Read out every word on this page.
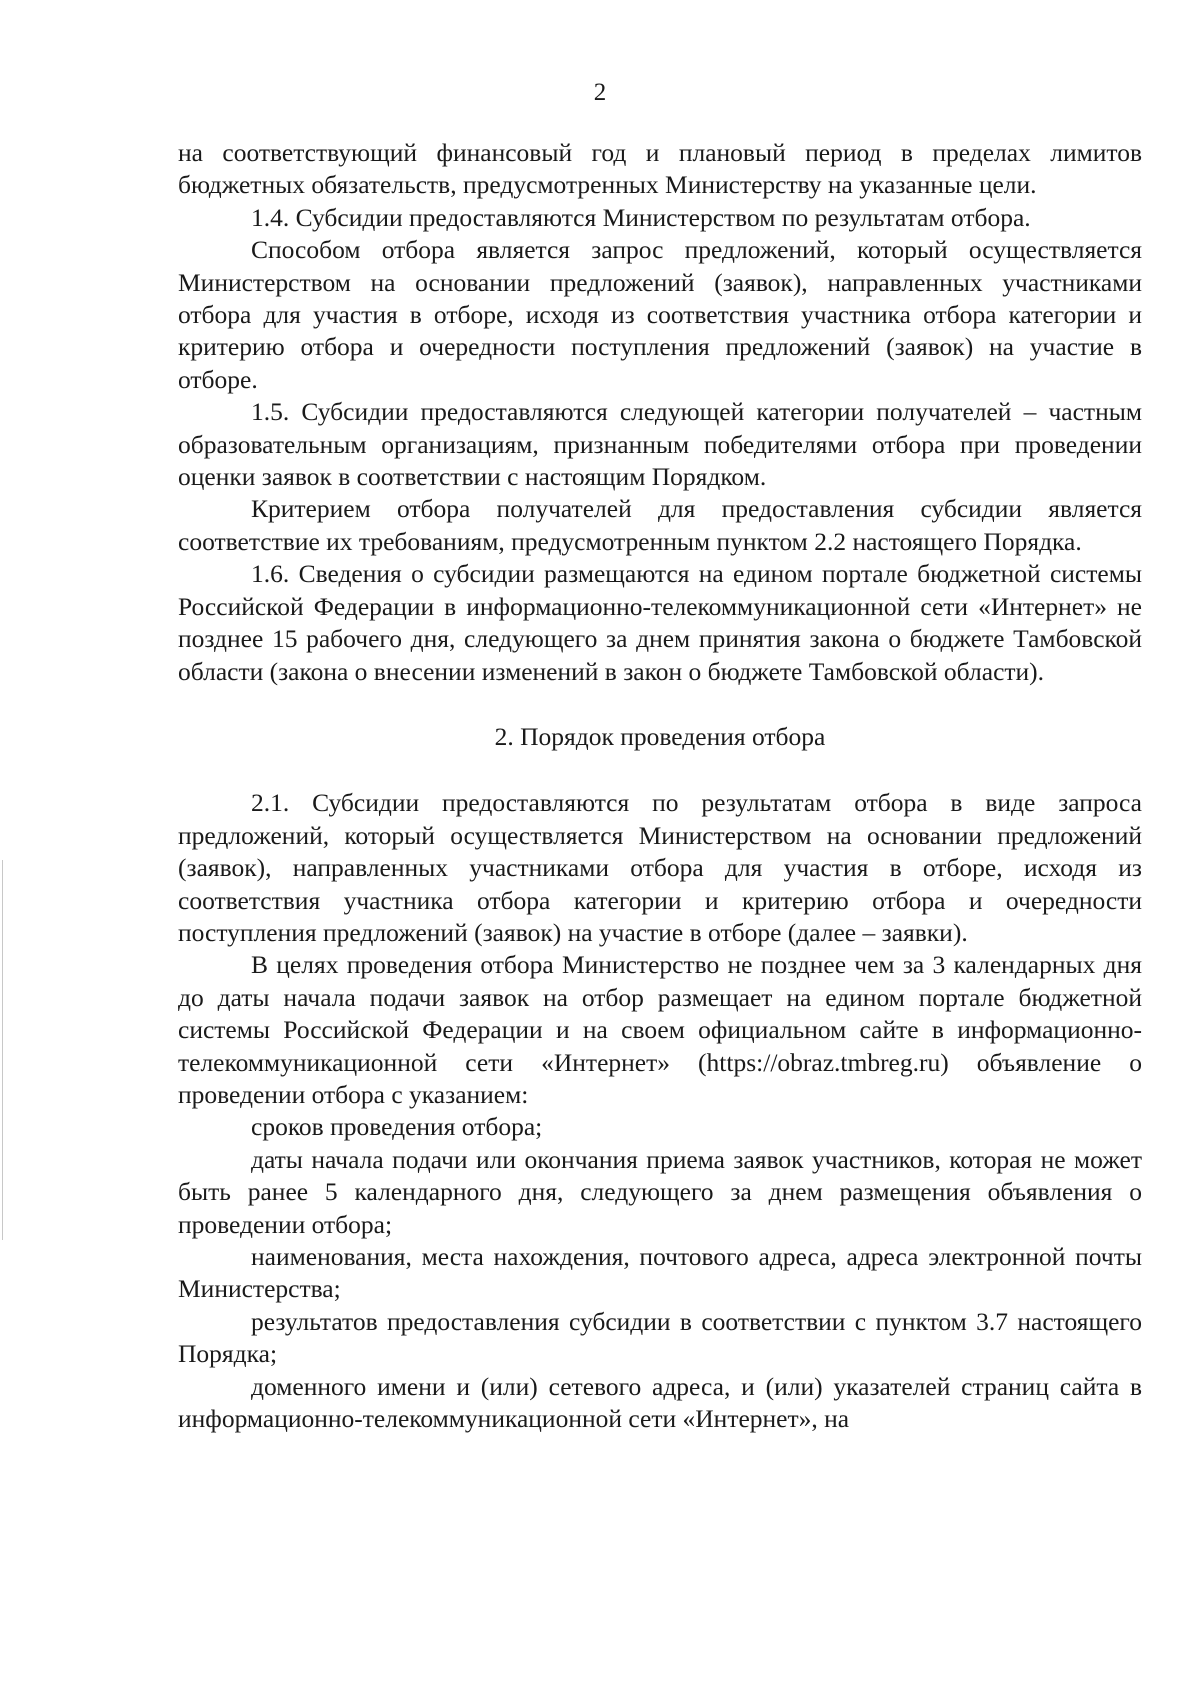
2

на соответствующий финансовый год и плановый период в пределах лимитов бюджетных обязательств, предусмотренных Министерству на указанные цели.

1.4. Субсидии предоставляются Министерством по результатам отбора.

Способом отбора является запрос предложений, который осуществляется Министерством на основании предложений (заявок), направленных участниками отбора для участия в отборе, исходя из соответствия участника отбора категории и критерию отбора и очередности поступления предложений (заявок) на участие в отборе.

1.5. Субсидии предоставляются следующей категории получателей – частным образовательным организациям, признанным победителями отбора при проведении оценки заявок в соответствии с настоящим Порядком.

Критерием отбора получателей для предоставления субсидии является соответствие их требованиям, предусмотренным пунктом 2.2 настоящего Порядка.

1.6. Сведения о субсидии размещаются на едином портале бюджетной системы Российской Федерации в информационно-телекоммуникационной сети «Интернет» не позднее 15 рабочего дня, следующего за днем принятия закона о бюджете Тамбовской области (закона о внесении изменений в закон о бюджете Тамбовской области).

2. Порядок проведения отбора

2.1. Субсидии предоставляются по результатам отбора в виде запроса предложений, который осуществляется Министерством на основании предложений (заявок), направленных участниками отбора для участия в отборе, исходя из соответствия участника отбора категории и критерию отбора и очередности поступления предложений (заявок) на участие в отборе (далее – заявки).

В целях проведения отбора Министерство не позднее чем за 3 календарных дня до даты начала подачи заявок на отбор размещает на едином портале бюджетной системы Российской Федерации и на своем официальном сайте в информационно-телекоммуникационной сети «Интернет» (https://obraz.tmbreg.ru) объявление о проведении отбора с указанием:

сроков проведения отбора;

даты начала подачи или окончания приема заявок участников, которая не может быть ранее 5 календарного дня, следующего за днем размещения объявления о проведении отбора;

наименования, места нахождения, почтового адреса, адреса электронной почты Министерства;

результатов предоставления субсидии в соответствии с пунктом 3.7 настоящего Порядка;

доменного имени и (или) сетевого адреса, и (или) указателей страниц сайта в информационно-телекоммуникационной сети «Интернет», на
